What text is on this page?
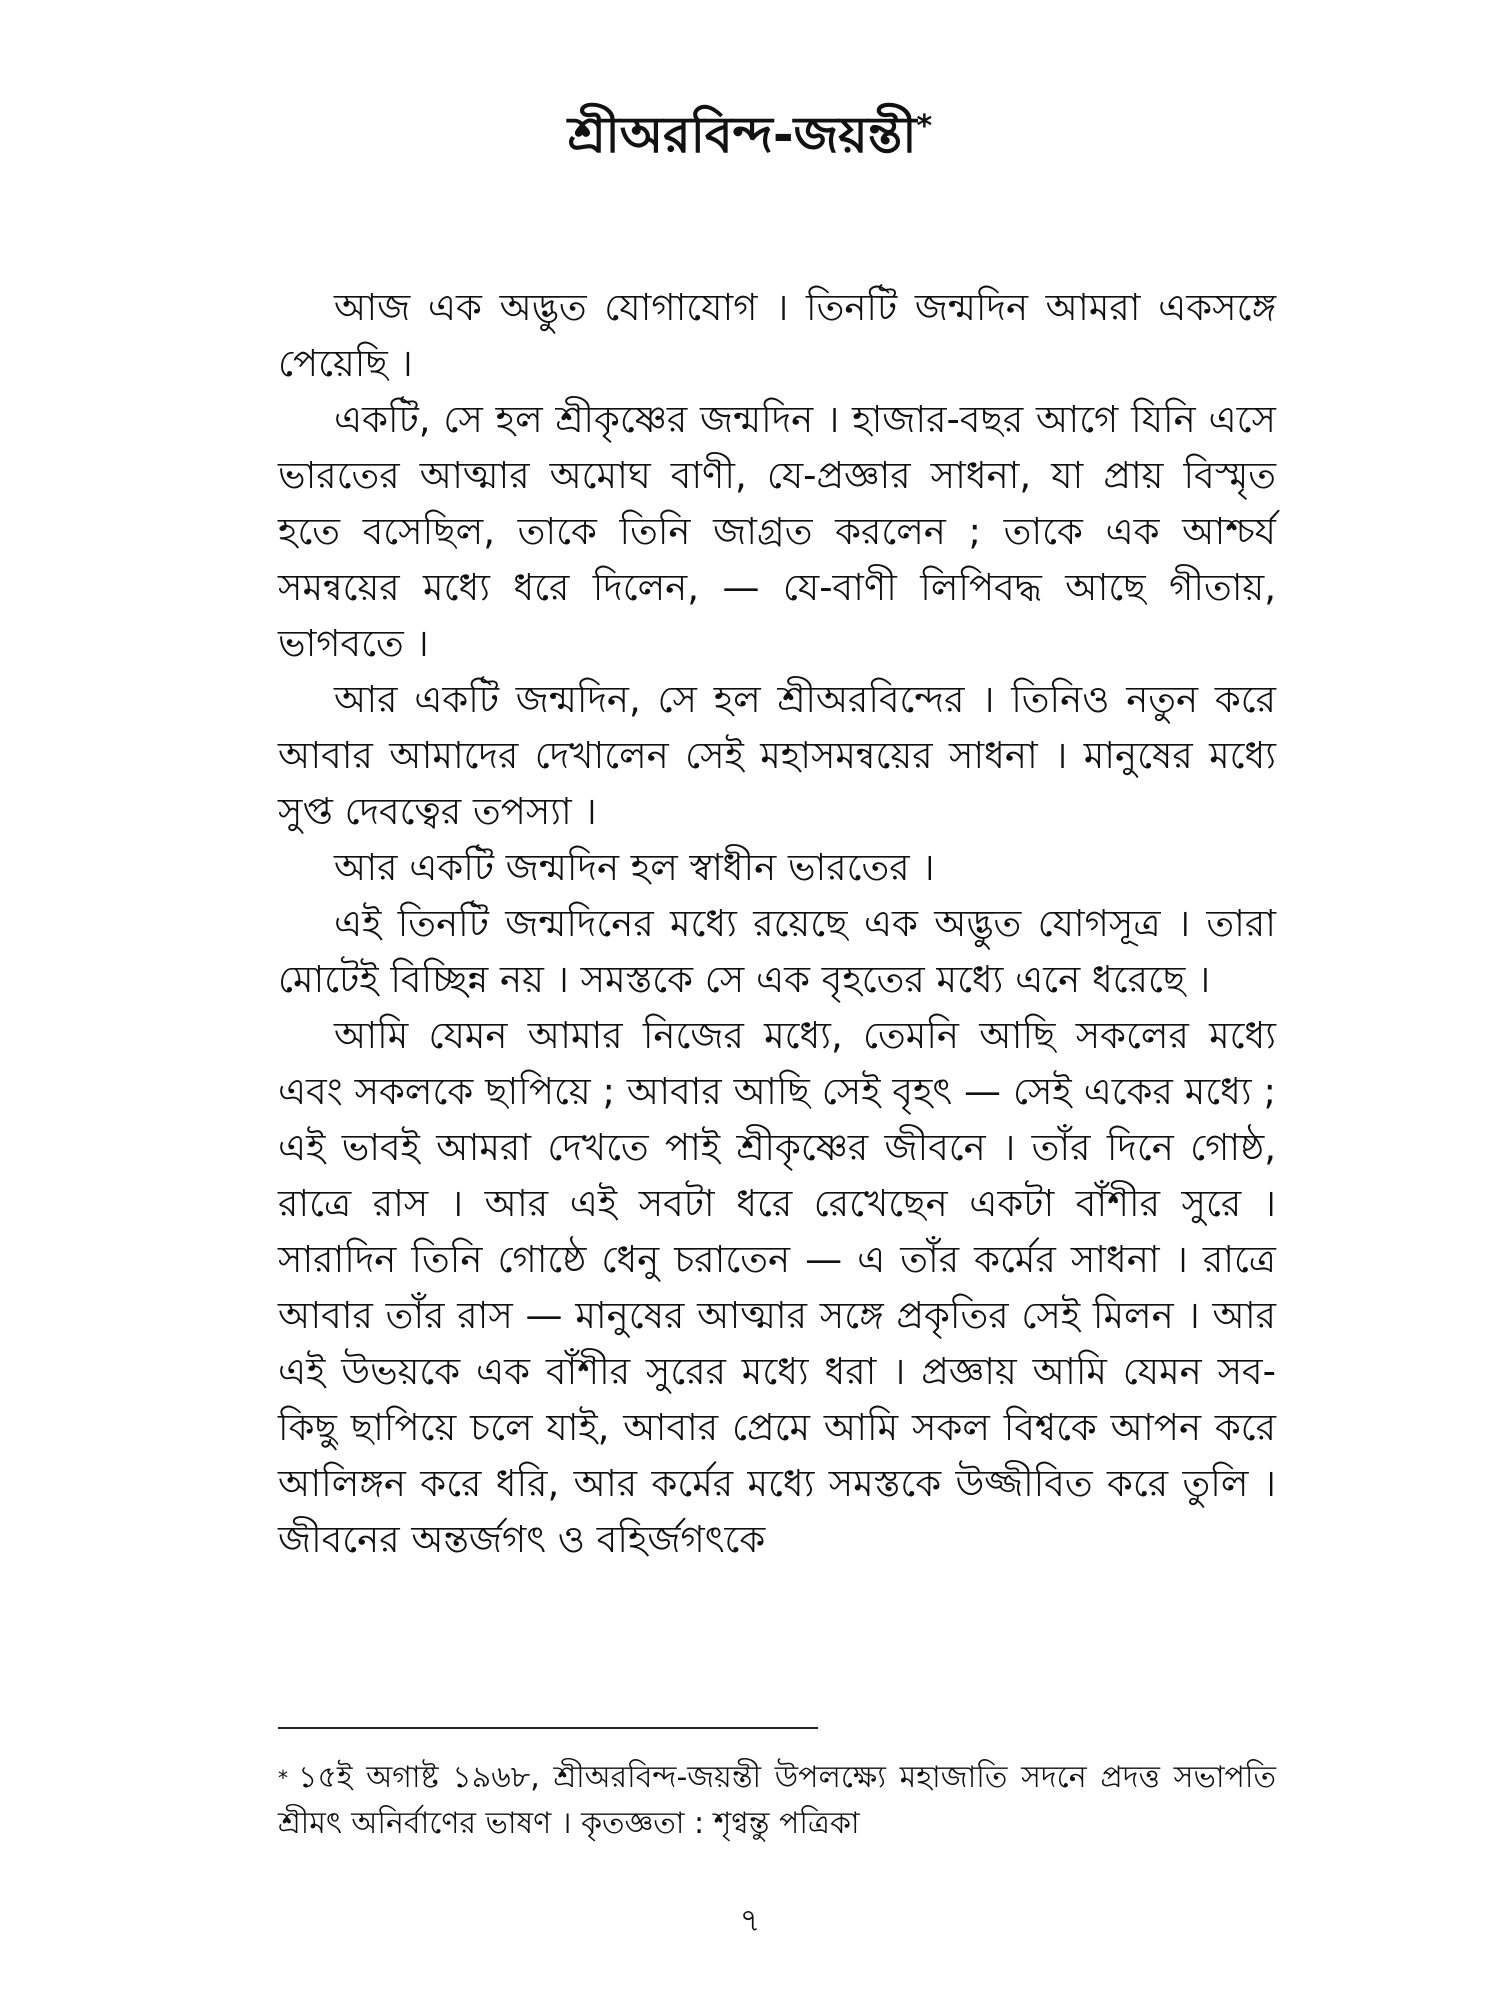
শ্রীঅরবিন্দ-জয়ন্তী*

আজ এক অদ্ভুত যোগাযোগ । তিনটি জন্মদিন আমরা একসঙ্গে পেয়েছি ।

একটি, সে হল শ্রীকৃষ্ণের জন্মদিন । হাজার-বছর আগে যিনি এসে ভারতের আত্মার অমোঘ বাণী, যে-প্রজ্ঞার সাধনা, যা প্রায় বিস্মৃত হতে বসেছিল, তাকে তিনি জাগ্রত করলেন ; তাকে এক আশ্চর্য সমন্বয়ের মধ্যে ধরে দিলেন, — যে-বাণী লিপিবদ্ধ আছে গীতায়, ভাগবতে ।

আর একটি জন্মদিন, সে হল শ্রীঅরবিন্দের । তিনিও নতুন করে আবার আমাদের দেখালেন সেই মহাসমন্বয়ের সাধনা । মানুষের মধ্যে সুপ্ত দেবত্বের তপস্যা ।

আর একটি জন্মদিন হল স্বাধীন ভারতের ।

এই তিনটি জন্মদিনের মধ্যে রয়েছে এক অদ্ভুত যোগসূত্র । তারা মোটেই বিচ্ছিন্ন নয় । সমস্তকে সে এক বৃহতের মধ্যে এনে ধরেছে ।

আমি যেমন আমার নিজের মধ্যে, তেমনি আছি সকলের মধ্যে এবং সকলকে ছাপিয়ে ; আবার আছি সেই বৃহৎ — সেই একের মধ্যে ; এই ভাবই আমরা দেখতে পাই শ্রীকৃষ্ণের জীবনে । তাঁর দিনে গোষ্ঠ, রাত্রে রাস । আর এই সবটা ধরে রেখেছেন একটা বাঁশীর সুরে । সারাদিন তিনি গোষ্ঠে ধেনু চরাতেন — এ তাঁর কর্মের সাধনা । রাত্রে আবার তাঁর রাস — মানুষের আত্মার সঙ্গে প্রকৃতির সেই মিলন । আর এই উভয়কে এক বাঁশীর সুরের মধ্যে ধরা । প্রজ্ঞায় আমি যেমন সব-কিছু ছাপিয়ে চলে যাই, আবার প্রেমে আমি সকল বিশ্বকে আপন করে আলিঙ্গন করে ধরি, আর কর্মের মধ্যে সমস্তকে উজ্জীবিত করে তুলি । জীবনের অন্তর্জগৎ ও বহির্জগৎকে

* ১৫ই অগাষ্ট ১৯৬৮, শ্রীঅরবিন্দ-জয়ন্তী উপলক্ষ্যে মহাজাতি সদনে প্রদত্ত সভাপতি শ্রীমৎ অনির্বাণের ভাষণ । কৃতজ্ঞতা : শৃণ্বন্তু পত্রিকা
৭
